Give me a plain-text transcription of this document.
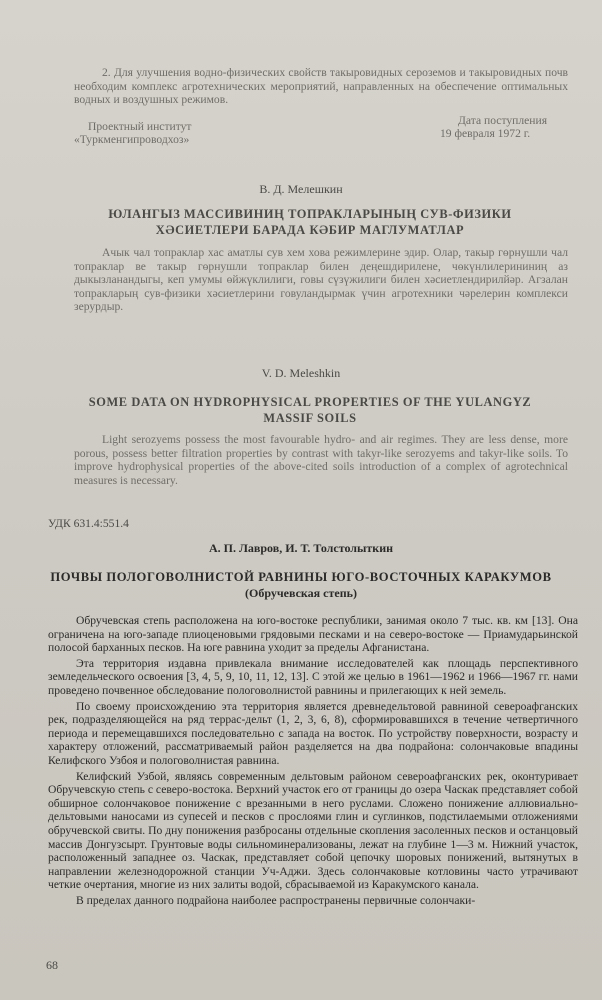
2. Для улучшения водно-физических свойств такыровидных сероземов и такыровидных почв необходим комплекс агротехнических мероприятий, направленных на обеспечение оптимальных водных и воздушных режимов.
Проектный институт
«Туркменгипроводхоз»
Дата поступления
19 февраля 1972 г.
В. Д. Мелешкин
ЮЛАНГЫЗ МАССИВИНИҢ ТОПРАКЛАРЫНЫҢ СУВ-ФИЗИКИ
ХӘСИЕТЛЕРИ БАРАДА КӘБИР МАГЛУМАТЛАР
Ачык чал топраклар хас аматлы сув хем хова режимлерине эдир. Олар, такыр гөрнушли чал топраклар ве такыр гөрнушли топраклар билен деңешдирилене, чөкүнлилерининиң аз дыкызланандыгы, кеп умумы өйжүклилиги, говы сүзүжилиги билен хәсиетлендирилйәр. Агзалан топракларың сув-физики хәсиетлерини говуландырмак үчин агротехники чәрелерин комплекси зерурдыр.
V. D. Meleshkin
SOME DATA ON HYDROPHYSICAL PROPERTIES OF THE YULANGYZ
MASSIF SOILS
Light serozyems possess the most favourable hydro- and air regimes. They are less dense, more porous, possess better filtration properties by contrast with takyr-like serozyems and takyr-like soils. To improve hydrophysical properties of the above-cited soils introduction of a complex of agrotechnical measures is necessary.
УДК 631.4:551.4
А. П. Лавров, И. Т. Толстолыткин
ПОЧВЫ ПОЛОГОВОЛНИСТОЙ РАВНИНЫ ЮГО-ВОСТОЧНЫХ КАРАКУМОВ
(Обручевская степь)

Обручевская степь расположена на юго-востоке республики, занимая около 7 тыс. кв. км [13]. Она ограничена на юго-западе плиоценовыми грядовыми песками и на северо-востоке — Приамударьинской полосой барханных песков. На юге равнина уходит за пределы Афганистана.

Эта территория издавна привлекала внимание исследователей как площадь перспективного земледельческого освоения [3, 4, 5, 9, 10, 11, 12, 13]. С этой же целью в 1961—1962 и 1966—1967 гг. нами проведено почвенное обследование пологоволнистой равнины и прилегающих к ней земель.

По своему происхождению эта территория является древнедельтовой равниной североафганских рек, подразделяющейся на ряд террас-дельт (1, 2, 3, 6, 8), сформировавшихся в течение четвертичного периода и перемещавшихся последовательно с запада на восток. По устройству поверхности, возрасту и характеру отложений, рассматриваемый район разделяется на два подрайона: солончаковые впадины Келифского Узбоя и пологоволнистая равнина.

Келифский Узбой, являясь современным дельтовым районом североафганских рек, оконтуривает Обручевскую степь с северо-востока. Верхний участок его от границы до озера Часкак представляет собой обширное солончаковое понижение с врезанными в него руслами. Сложено понижение аллювиально-дельтовыми наносами из супесей и песков с прослоями глин и суглинков, подстилаемыми отложениями обручевской свиты. По дну понижения разбросаны отдельные скопления засоленных песков и останцовый массив Донгузсырт. Грунтовые воды сильноминерализованы, лежат на глубине 1—3 м. Нижний участок, расположенный западнее оз. Часкак, представляет собой цепочку шоровых понижений, вытянутых в направлении железнодорожной станции Уч-Аджи. Здесь солончаковые котловины часто утрачивают четкие очертания, многие из них залиты водой, сбрасываемой из Каракумского канала.

В пределах данного подрайона наиболее распространены первичные солончаки-

68
